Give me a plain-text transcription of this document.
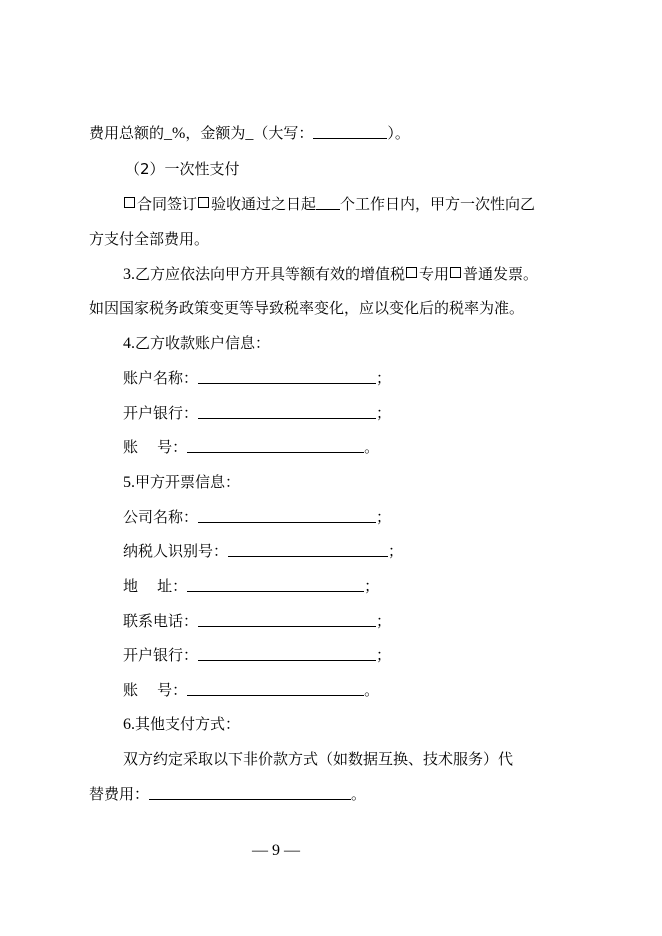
费用总额的_%，金额为_（大写：	）。
（2）一次性支付
合同签订 验收通过之日起 个工作日内，甲方一次性向乙
方支付全部费用。
3.乙方应依法向甲方开具等额有效的增值税 专用 普通发票。
如因国家税务政策变更等导致税率变化，应以变化后的税率为准。
4.乙方收款账户信息：
账户名称：	；
开户银行：	；
账    号：	。
5.甲方开票信息：
公司名称：	；
纳税人识别号：	；
地    址：	；
联系电话：	；
开户银行：	；
账    号：	。
6.其他支付方式：
双方约定采取以下非价款方式（如数据互换、技术服务）代
替费用：	。
— 9 —
